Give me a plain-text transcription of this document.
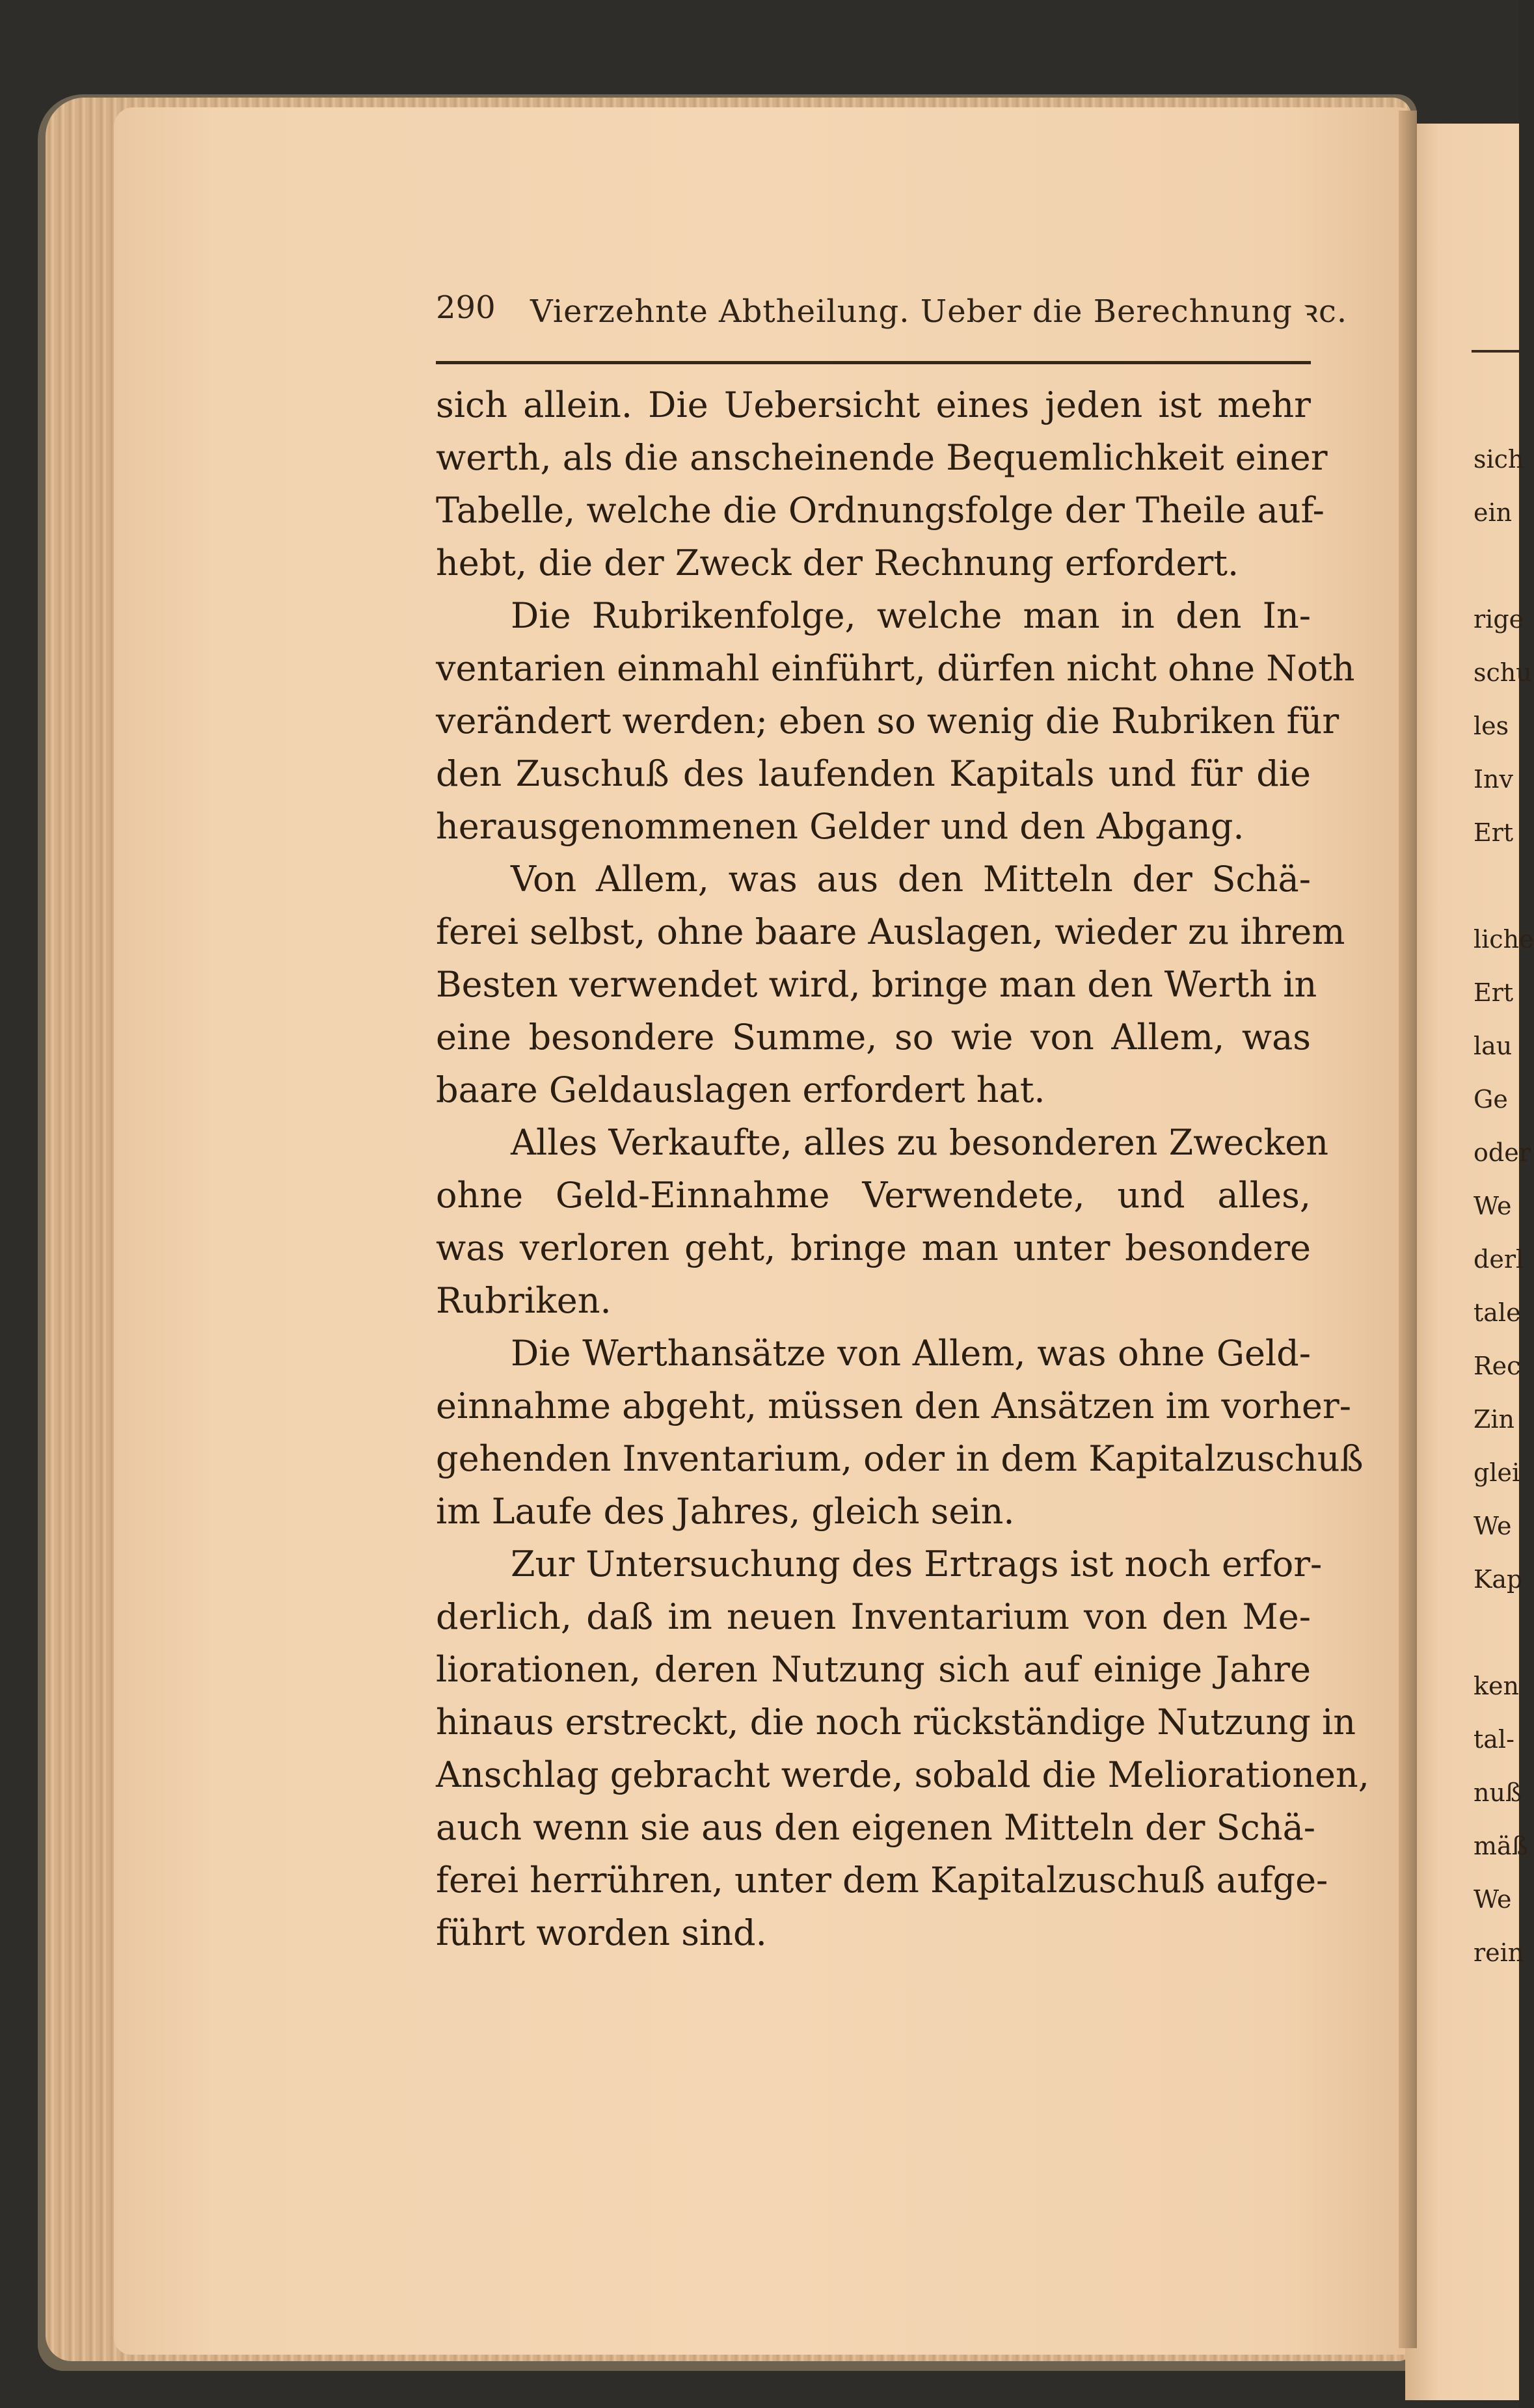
sich
ein
rige
schu
les
Inv
Ert
liche
Ert
lau
Ge
oder
We
derl
tale
Rec
Zin
glei
We
Kap
ken
tal-
nuß
mäß
We
rein
290 Vierzehnte Abtheilung. Ueber die Berechnung ꝛc.
sich allein. Die Uebersicht eines jeden ist mehr
werth, als die anscheinende Bequemlichkeit einer
Tabelle, welche die Ordnungsfolge der Theile auf-
hebt, die der Zweck der Rechnung erfordert.
Die Rubrikenfolge, welche man in den In-
ventarien einmahl einführt, dürfen nicht ohne Noth
verändert werden; eben so wenig die Rubriken für
den Zuschuß des laufenden Kapitals und für die
herausgenommenen Gelder und den Abgang.
Von Allem, was aus den Mitteln der Schä-
ferei selbst, ohne baare Auslagen, wieder zu ihrem
Besten verwendet wird, bringe man den Werth in
eine besondere Summe, so wie von Allem, was
baare Geldauslagen erfordert hat.
Alles Verkaufte, alles zu besonderen Zwecken
ohne Geld-Einnahme Verwendete, und alles,
was verloren geht, bringe man unter besondere
Rubriken.
Die Werthansätze von Allem, was ohne Geld-
einnahme abgeht, müssen den Ansätzen im vorher-
gehenden Inventarium, oder in dem Kapitalzuschuß
im Laufe des Jahres, gleich sein.
Zur Untersuchung des Ertrags ist noch erfor-
derlich, daß im neuen Inventarium von den Me-
liorationen, deren Nutzung sich auf einige Jahre
hinaus erstreckt, die noch rückständige Nutzung in
Anschlag gebracht werde, sobald die Meliorationen,
auch wenn sie aus den eigenen Mitteln der Schä-
ferei herrühren, unter dem Kapitalzuschuß aufge-
führt worden sind.
